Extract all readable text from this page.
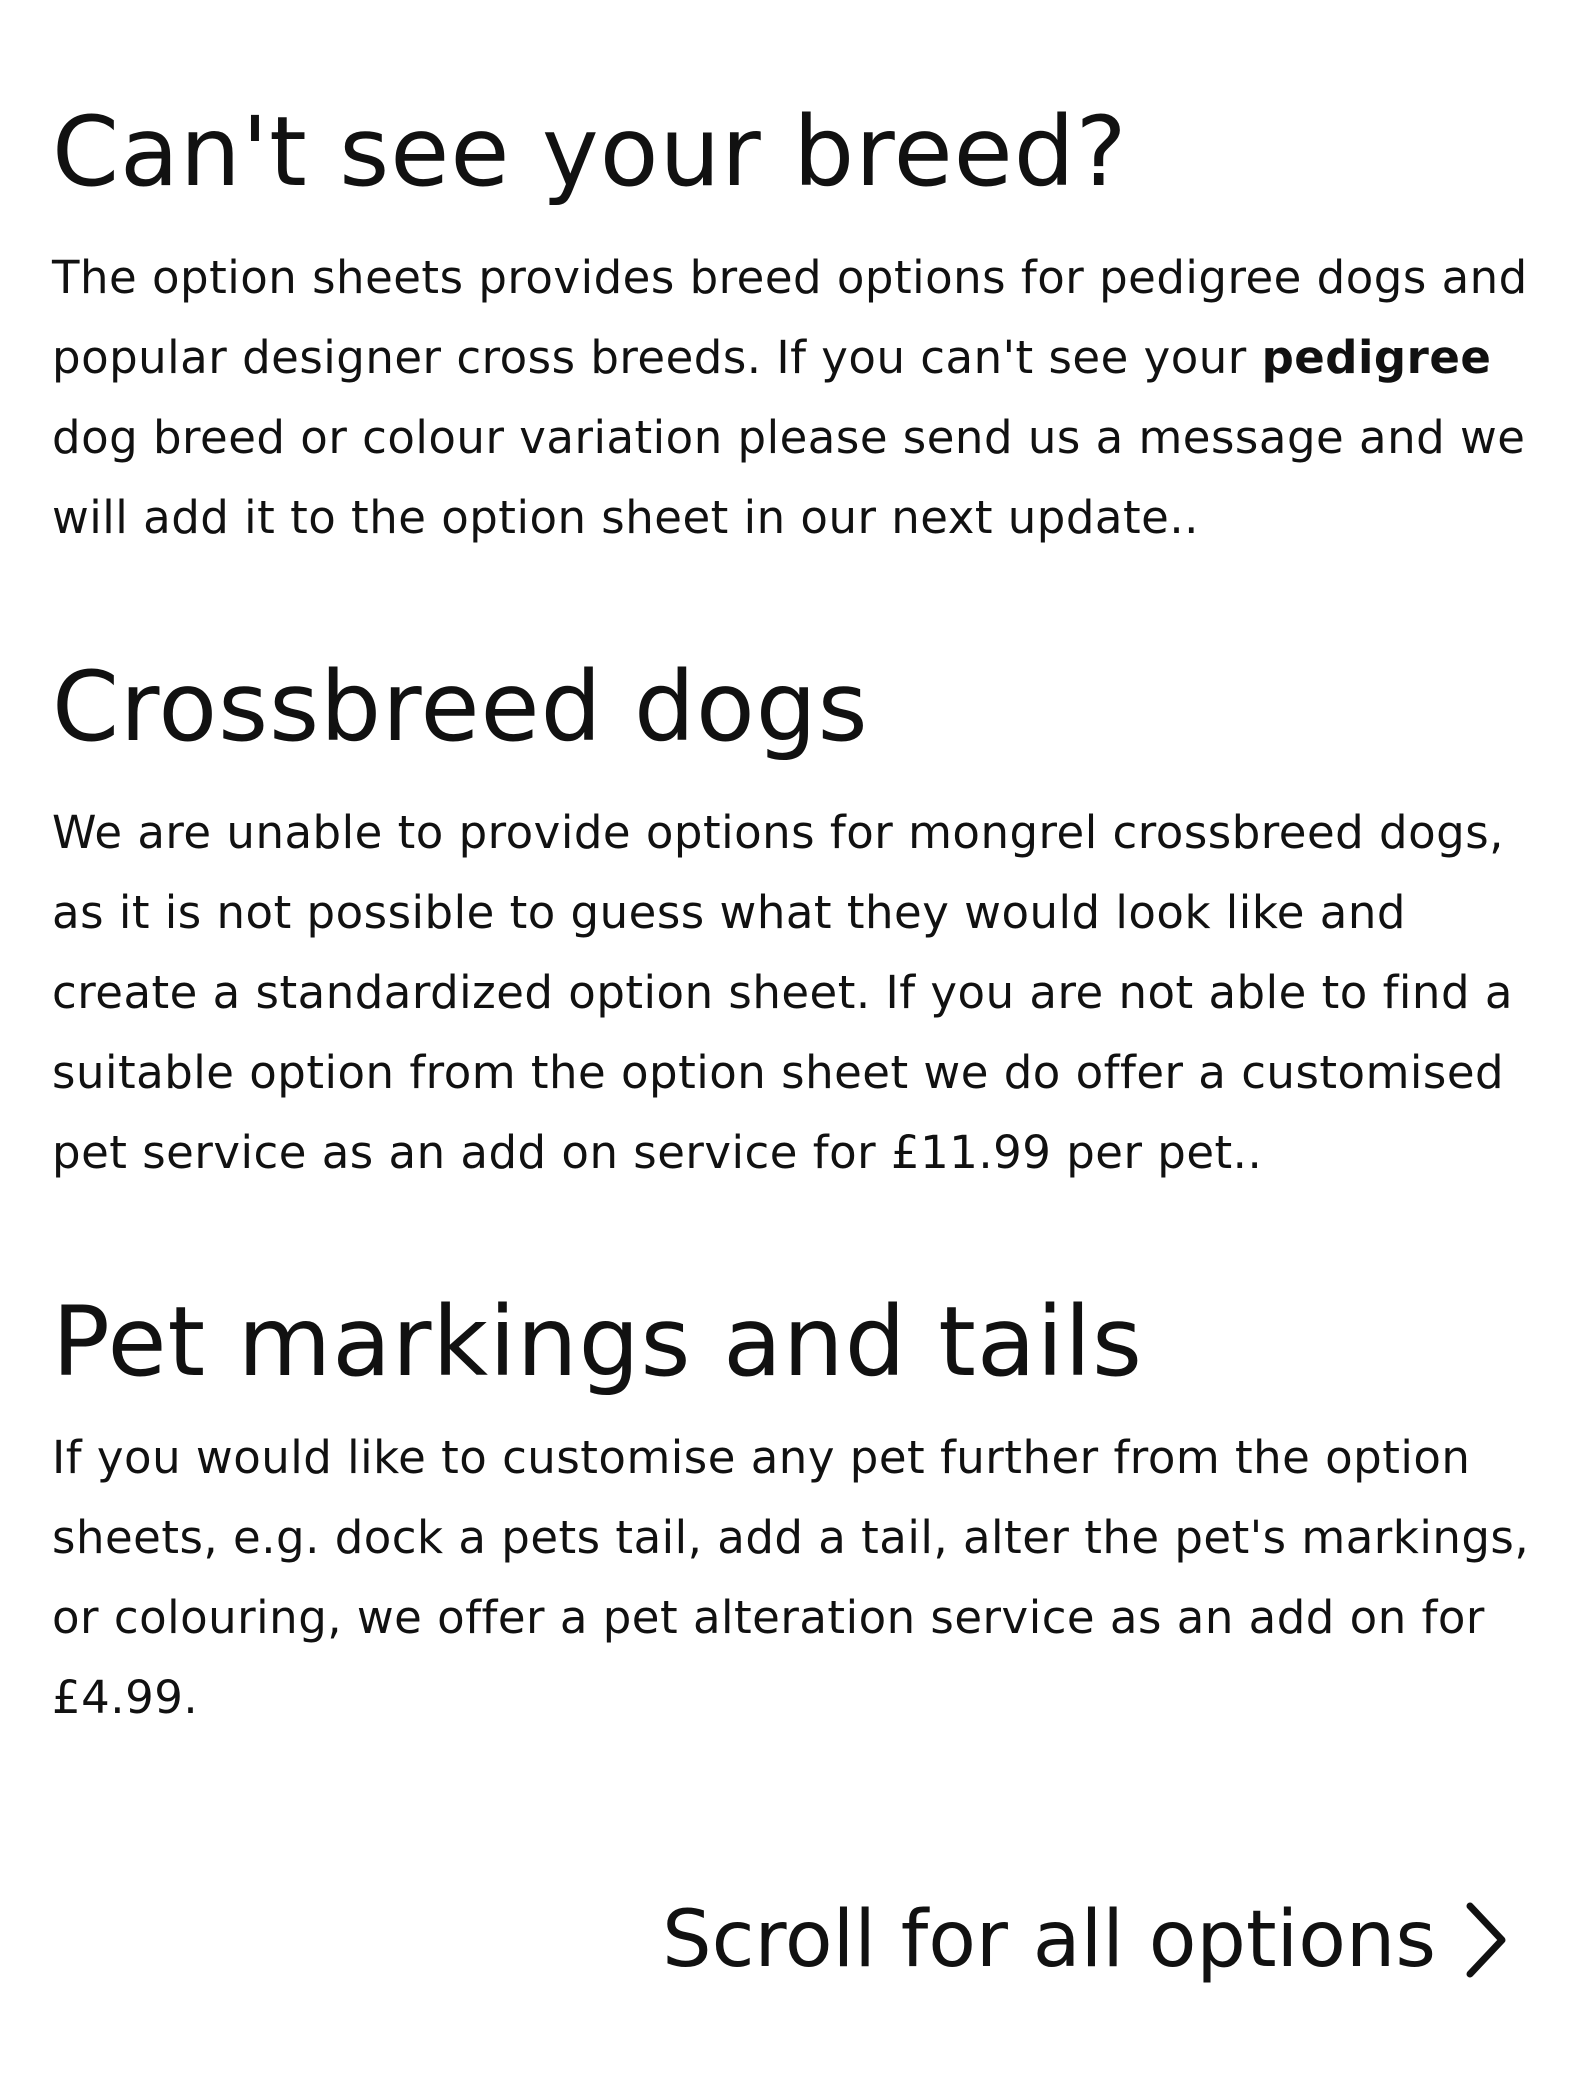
Can't see your breed?

The option sheets provides breed options for pedigree dogs and popular designer cross breeds. If you can't see your pedigree dog breed or colour variation please send us a message and we will add it to the option sheet in our next update..

Crossbreed dogs

We are unable to provide options for mongrel crossbreed dogs, as it is not possible to guess what they would look like and create a standardized option sheet. If you are not able to find a suitable option from the option sheet we do offer a customised pet service as an add on service for £11.99 per pet..

Pet markings and tails

If you would like to customise any pet further from the option sheets, e.g. dock a pets tail, add a tail, alter the pet's markings, or colouring, we offer a pet alteration service as an add on for £4.99.

Scroll for all options
